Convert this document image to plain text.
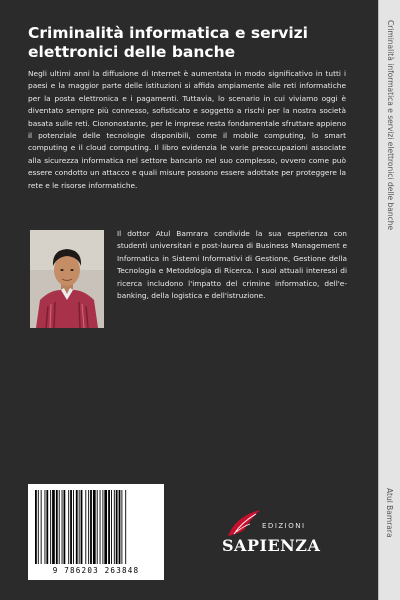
Criminalità informatica e servizi elettronici delle banche

Negli ultimi anni la diffusione di Internet è aumentata in modo significativo in tutti i paesi e la maggior parte delle istituzioni si affida ampiamente alle reti informatiche per la posta elettronica e i pagamenti. Tuttavia, lo scenario in cui viviamo oggi è diventato sempre più connesso, sofisticato e soggetto a rischi per la nostra società basata sulle reti. Ciononostante, per le imprese resta fondamentale sfruttare appieno il potenziale delle tecnologie disponibili, come il mobile computing, lo smart computing e il cloud computing. Il libro evidenzia le varie preoccupazioni associate alla sicurezza informatica nel settore bancario nel suo complesso, ovvero come può essere condotto un attacco e quali misure possono essere adottate per proteggere la rete e le risorse informatiche.

Il dottor Atul Bamrara condivide la sua esperienza con studenti universitari e post-laurea di Business Management e Informatica in Sistemi Informativi di Gestione, Gestione della Tecnologia e Metodologia di Ricerca. I suoi attuali interessi di ricerca includono l'impatto del crimine informatico, dell'e-banking, della logistica e dell'istruzione.

9 786203 263848
EDIZIONI
SAPIENZA
Criminalità informatica e servizi elettronici delle banche
Atul Bamrara
